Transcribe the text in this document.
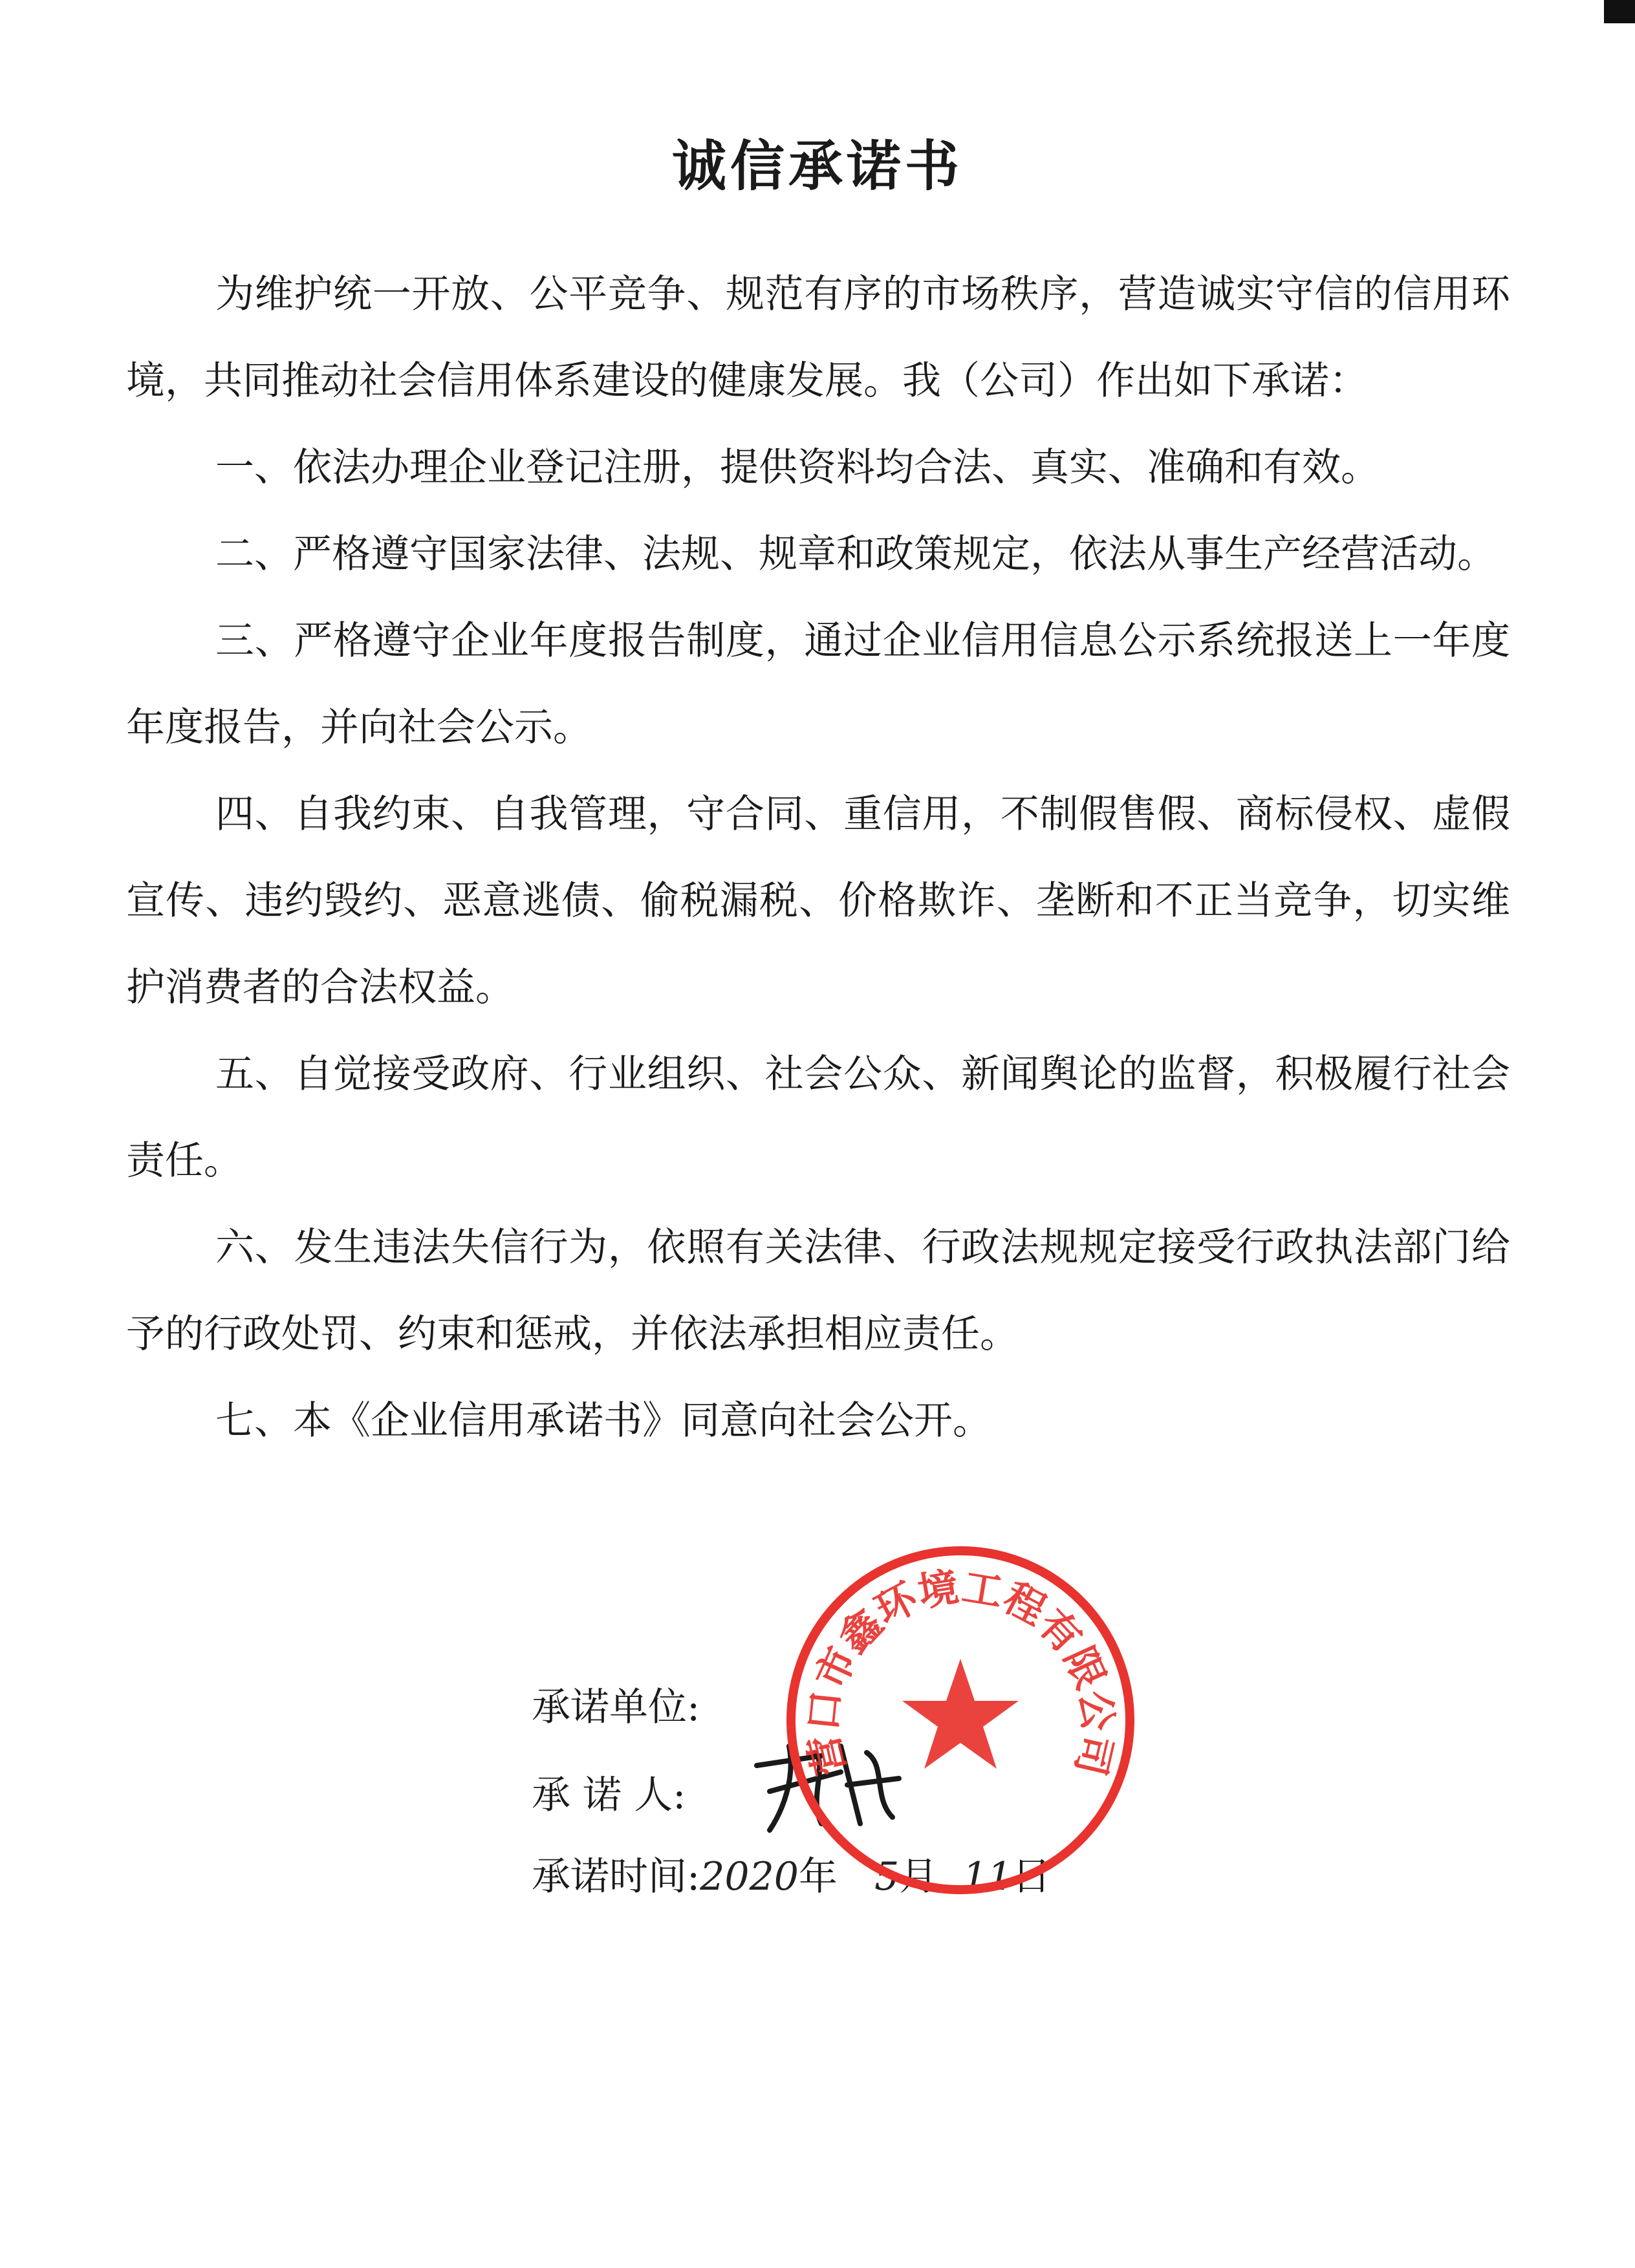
诚信承诺书

为维护统一开放、公平竞争、规范有序的市场秩序，营造诚实守信的信用环境，共同推动社会信用体系建设的健康发展。我（公司）作出如下承诺：

一、依法办理企业登记注册，提供资料均合法、真实、准确和有效。

二、严格遵守国家法律、法规、规章和政策规定，依法从事生产经营活动。

三、严格遵守企业年度报告制度，通过企业信用信息公示系统报送上一年度年度报告，并向社会公示。

四、自我约束、自我管理，守合同、重信用，不制假售假、商标侵权、虚假宣传、违约毁约、恶意逃债、偷税漏税、价格欺诈、垄断和不正当竞争，切实维护消费者的合法权益。

五、自觉接受政府、行业组织、社会公众、新闻舆论的监督，积极履行社会责任。

六、发生违法失信行为，依照有关法律、行政法规规定接受行政执法部门给予的行政处罚、约束和惩戒，并依法承担相应责任。

七、本《企业信用承诺书》同意向社会公开。

承诺单位:
承 诺 人:
承诺时间:2020年 5月 11日
营口市鑫环境工程有限公司
